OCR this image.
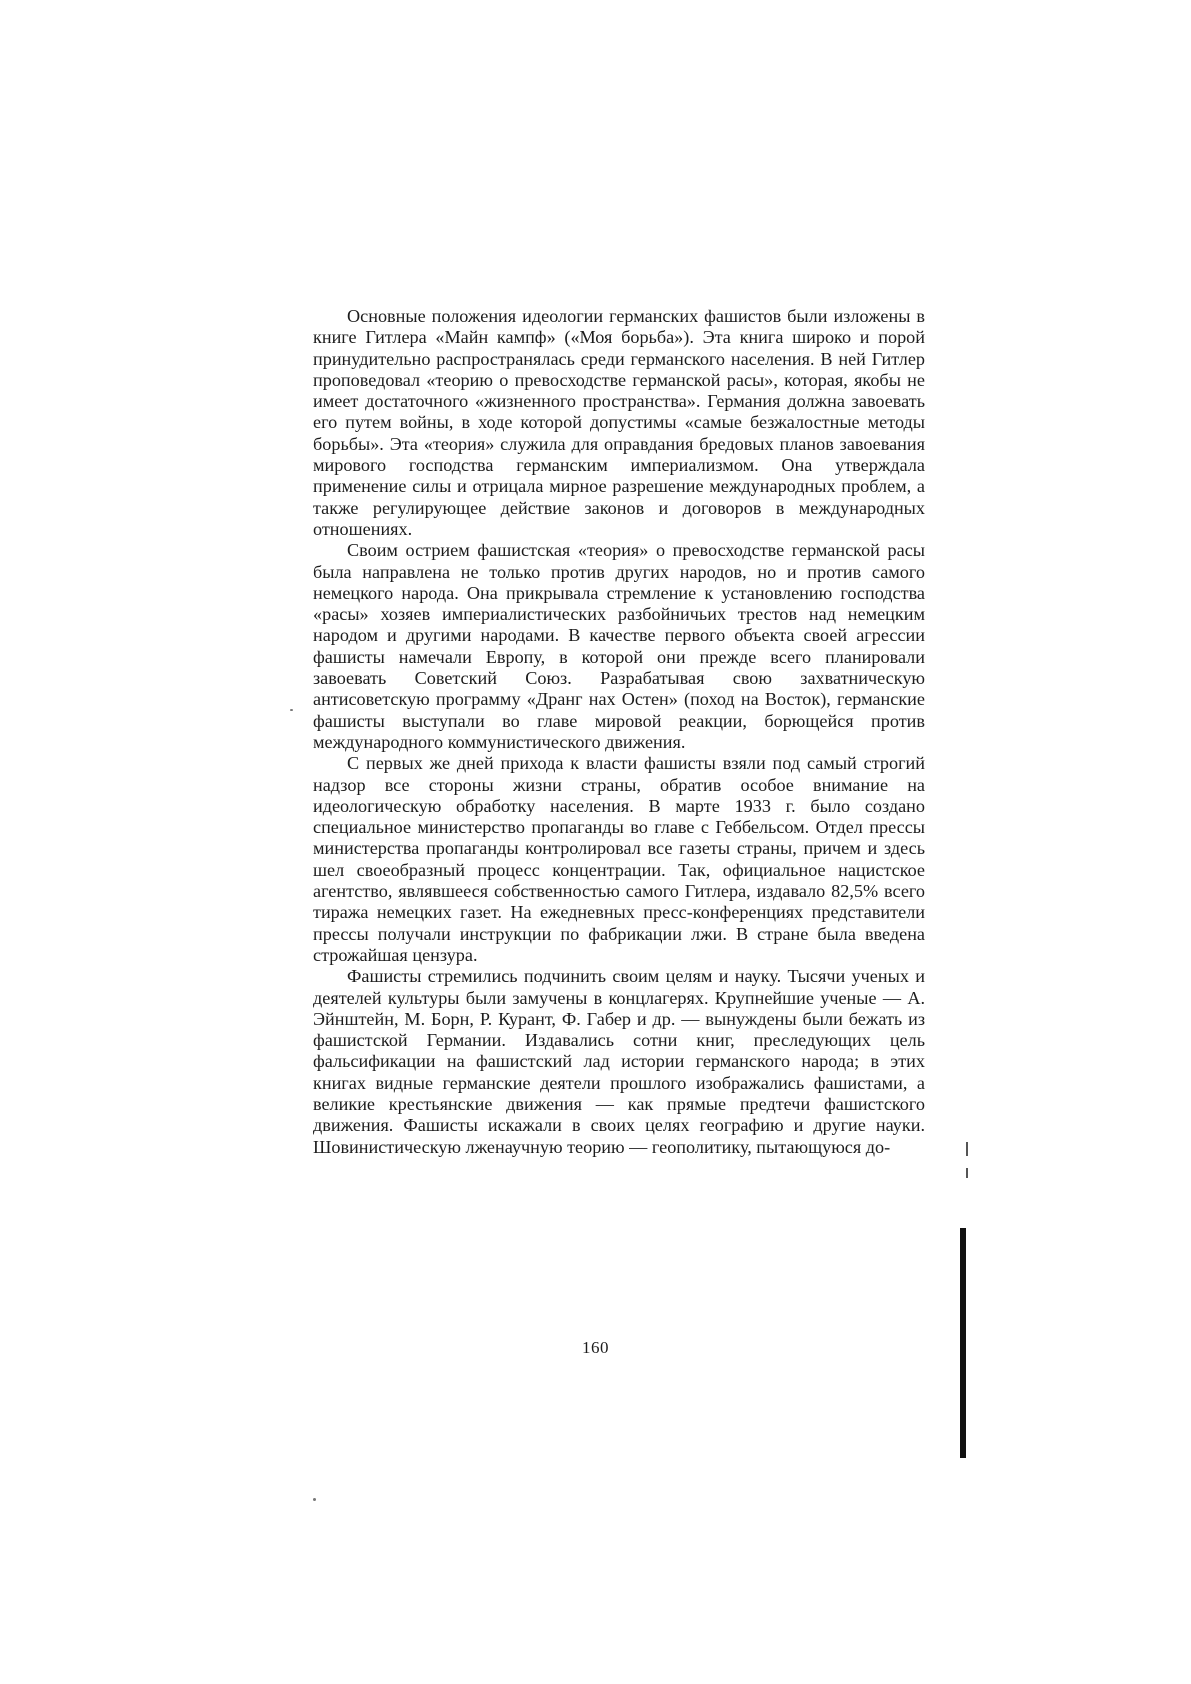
Основные положения идеологии германских фашистов были изложены в книге Гитлера «Майн кампф» («Моя борьба»). Эта книга широко и порой принудительно распространялась среди германского населения. В ней Гитлер проповедовал «теорию о превосходстве германской расы», которая, якобы не имеет достаточного «жизненного пространства». Германия должна завоевать его путем войны, в ходе которой допустимы «самые безжалостные методы борьбы». Эта «теория» служила для оправдания бредовых планов завоевания мирового господства германским империализмом. Она утверждала применение силы и отрицала мирное разрешение международных проблем, а также регулирующее действие законов и договоров в международных отношениях.

Своим острием фашистская «теория» о превосходстве германской расы была направлена не только против других народов, но и против самого немецкого народа. Она прикрывала стремление к установлению господства «расы» хозяев империалистических разбойничьих трестов над немецким народом и другими народами. В качестве первого объекта своей агрессии фашисты намечали Европу, в которой они прежде всего планировали завоевать Советский Союз. Разрабатывая свою захватническую антисоветскую программу «Дранг нах Остен» (поход на Восток), германские фашисты выступали во главе мировой реакции, борющейся против международного коммунистического движения.

С первых же дней прихода к власти фашисты взяли под самый строгий надзор все стороны жизни страны, обратив особое внимание на идеологическую обработку населения. В марте 1933 г. было создано специальное министерство пропаганды во главе с Геббельсом. Отдел прессы министерства пропаганды контролировал все газеты страны, причем и здесь шел своеобразный процесс концентрации. Так, официальное нацистское агентство, являвшееся собственностью самого Гитлера, издавало 82,5% всего тиража немецких газет. На ежедневных пресс-конференциях представители прессы получали инструкции по фабрикации лжи. В стране была введена строжайшая цензура.

Фашисты стремились подчинить своим целям и науку. Тысячи ученых и деятелей культуры были замучены в концлагерях. Крупнейшие ученые — А. Эйнштейн, М. Борн, Р. Курант, Ф. Габер и др. — вынуждены были бежать из фашистской Германии. Издавались сотни книг, преследующих цель фальсификации на фашистский лад истории германского народа; в этих книгах видные германские деятели прошлого изображались фашистами, а великие крестьянские движения — как прямые предтечи фашистского движения. Фашисты искажали в своих целях географию и другие науки. Шовинистическую лженаучную теорию — геополитику, пытающуюся до-

160
